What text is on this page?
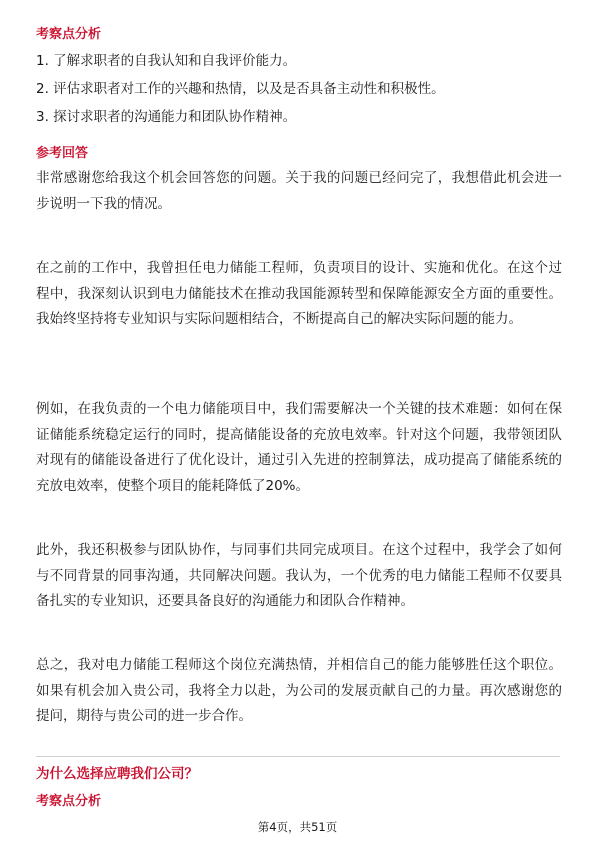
考察点分析

1. 了解求职者的自我认知和自我评价能力。

2. 评估求职者对工作的兴趣和热情，以及是否具备主动性和积极性。

3. 探讨求职者的沟通能力和团队协作精神。

参考回答

非常感谢您给我这个机会回答您的问题。关于我的问题已经问完了，我想借此机会进一步说明一下我的情况。

在之前的工作中，我曾担任电力储能工程师，负责项目的设计、实施和优化。在这个过程中，我深刻认识到电力储能技术在推动我国能源转型和保障能源安全方面的重要性。我始终坚持将专业知识与实际问题相结合，不断提高自己的解决实际问题的能力。

例如，在我负责的一个电力储能项目中，我们需要解决一个关键的技术难题：如何在保证储能系统稳定运行的同时，提高储能设备的充放电效率。针对这个问题，我带领团队对现有的储能设备进行了优化设计，通过引入先进的控制算法，成功提高了储能系统的充放电效率，使整个项目的能耗降低了20%。

此外，我还积极参与团队协作，与同事们共同完成项目。在这个过程中，我学会了如何与不同背景的同事沟通，共同解决问题。我认为，一个优秀的电力储能工程师不仅要具备扎实的专业知识，还要具备良好的沟通能力和团队合作精神。

总之，我对电力储能工程师这个岗位充满热情，并相信自己的能力能够胜任这个职位。如果有机会加入贵公司，我将全力以赴，为公司的发展贡献自己的力量。再次感谢您的提问，期待与贵公司的进一步合作。

为什么选择应聘我们公司？

考察点分析

第4页，共51页
